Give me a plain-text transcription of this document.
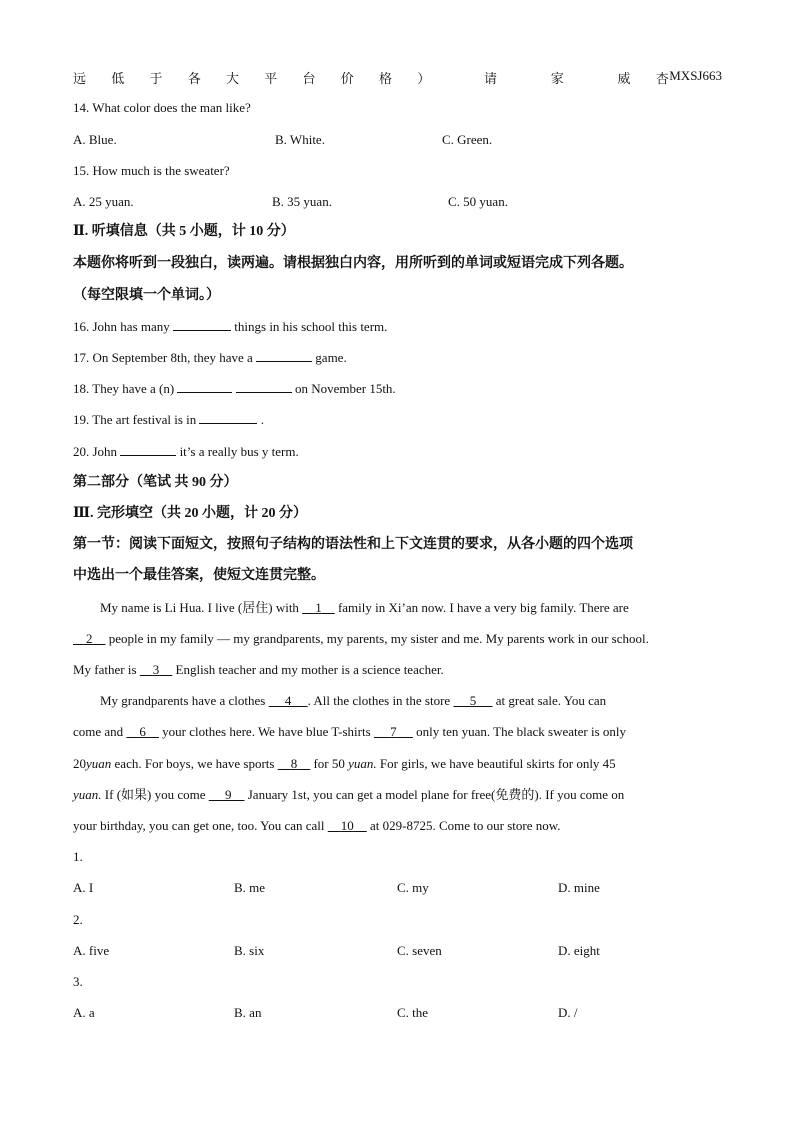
远 低 于 各 大 平 台 价 格 ）   请   家   威 杏
MXSJ663
14. What color does the man like?
A. Blue.	B. White.	C. Green.
15. How much is the sweater?
A. 25 yuan.	B. 35 yuan.	C. 50 yuan.
Ⅱ. 听填信息（共 5 小题，计 10 分）
本题你将听到一段独白，读两遍。请根据独白内容，用所听到的单词或短语完成下列各题。
（每空限填一个单词。）
16. John has many	things in his school this term.
17. On September 8th, they have a	game.
18. They have a (n)	on November 15th.
19. The art festival is in	.
20. John	it’s a really bus y term.
第二部分（笔试 共 90 分）
Ⅲ. 完形填空（共 20 小题，计 20 分）
第一节：阅读下面短文，按照句子结构的语法性和上下文连贯的要求，从各小题的四个选项
中选出一个最佳答案，使短文连贯完整。
My name is Li Hua. I live (居住) with 1 family in Xi’an now. I have a very big family. There are
2 people in my family — my grandparents, my parents, my sister and me. My parents work in our school.
My father is 3 English teacher and my mother is a science teacher.
My grandparents have a clothes 4 . All the clothes in the store 5 at great sale. You can
come and 6 your clothes here. We have blue T-shirts 7 only ten yuan. The black sweater is only
20yuan each. For boys, we have sports 8 for 50 yuan. For girls, we have beautiful skirts for only 45
yuan. If (如果) you come 9 January 1st, you can get a model plane for free(免费的). If you come on
your birthday, you can get one, too. You can call 10 at 029-8725. Come to our store now.
1.
A. I	B. me	C. my	D. mine
2.
A. five	B. six	C. seven	D. eight
3.
A. a	B. an	C. the	D. /
